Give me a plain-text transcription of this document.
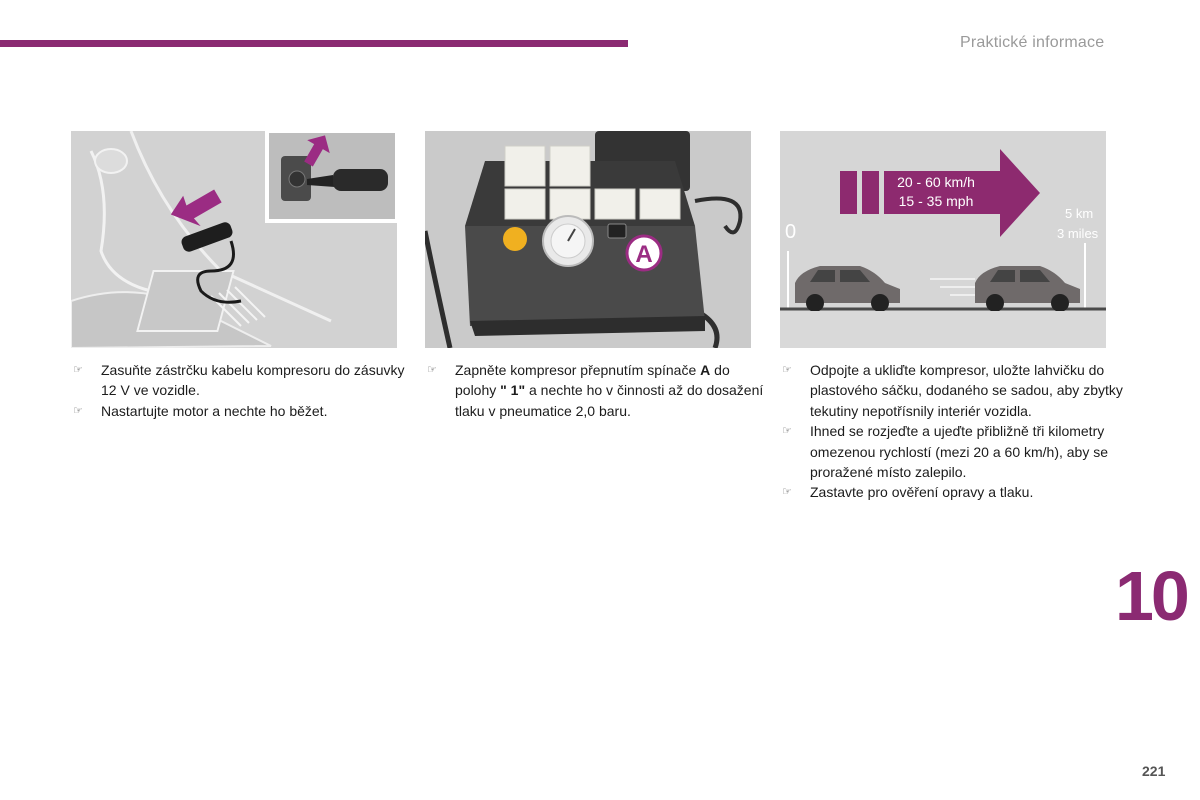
Praktické informace
A
20 - 60 km/h
15 - 35 mph
0
5 km
3 miles
☞ Zasuňte zástrčku kabelu kompresoru do zásuvky 12 V ve vozidle.
☞ Nastartujte motor a nechte ho běžet.
☞ Zapněte kompresor přepnutím spínače A do polohy " 1" a nechte ho v činnosti až do dosažení tlaku v pneumatice 2,0 baru.
☞ Odpojte a ukliďte kompresor, uložte lahvičku do plastového sáčku, dodaného se sadou, aby zbytky tekutiny nepotřísnily interiér vozidla.
☞ Ihned se rozjeďte a ujeďte přibližně tři kilometry omezenou rychlostí (mezi 20 a 60 km/h), aby se proražené místo zalepilo.
☞ Zastavte pro ověření opravy a tlaku.
10
221
